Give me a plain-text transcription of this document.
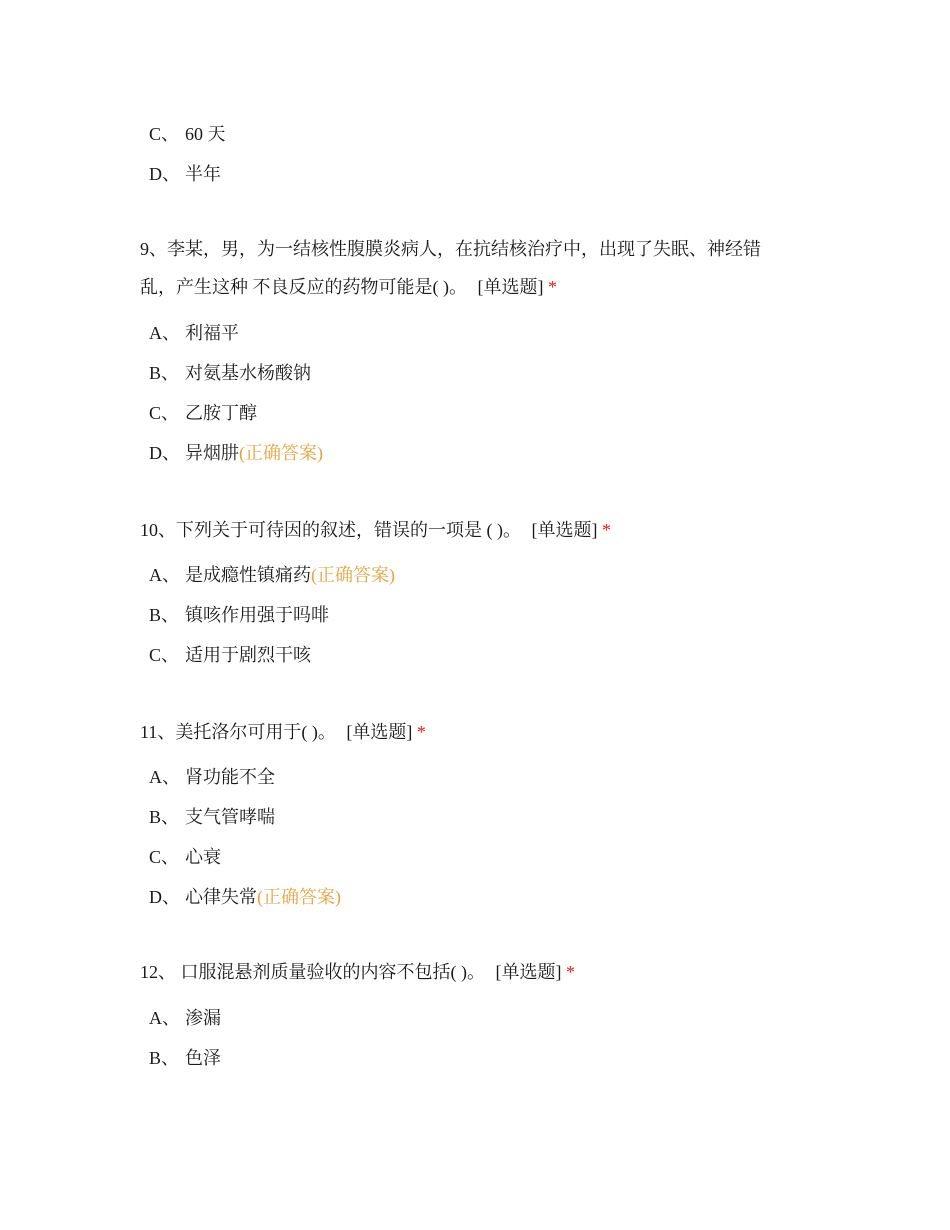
C、 60 天
D、 半年

9、李某，男，为一结核性腹膜炎病人，在抗结核治疗中，出现了失眠、神经错
乱，产生这种 不良反应的药物可能是( )。 [单选题] *

A、 利福平
B、 对氨基水杨酸钠
C、 乙胺丁醇
D、 异烟肼(正确答案)

10、下列关于可待因的叙述，错误的一项是 ( )。 [单选题] *

A、 是成瘾性镇痛药(正确答案)
B、 镇咳作用强于吗啡
C、 适用于剧烈干咳

11、美托洛尔可用于( )。 [单选题] *

A、 肾功能不全
B、 支气管哮喘
C、 心衰
D、 心律失常(正确答案)

12、 口服混悬剂质量验收的内容不包括( )。 [单选题] *

A、 渗漏
B、 色泽
